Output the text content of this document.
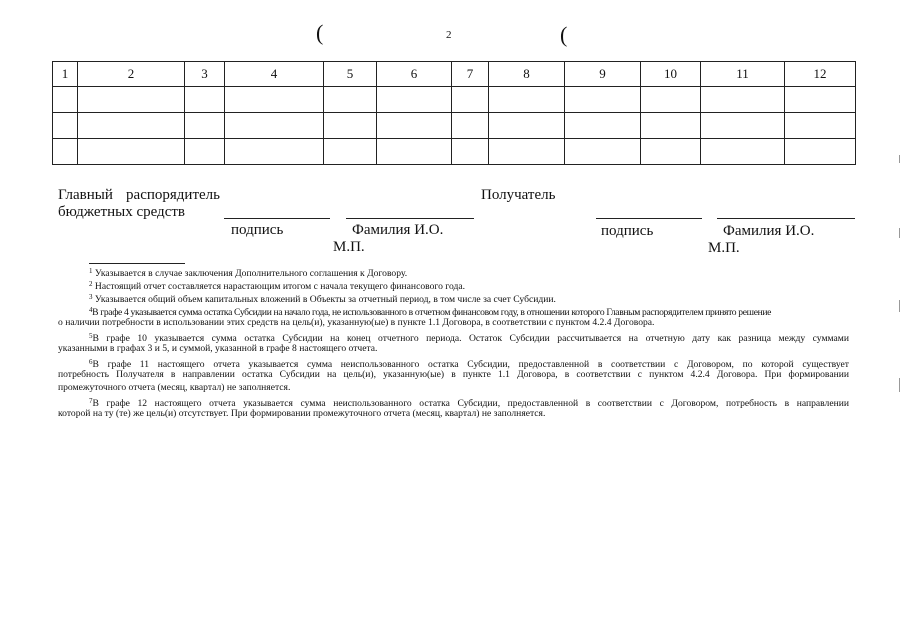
(	2	(
1	2	3	4	5	6	7	8	9	10	11	12

Главный распорядитель
бюджетных средств
Получатель
подпись	Фамилия И.О.
М.П.
подпись	Фамилия И.О.
М.П.
$^1$ Указывается в случае заключения Дополнительного соглашения к Договору.
$^2$ Настоящий отчет составляется нарастающим итогом с начала текущего финансового года.
$^3$ Указывается общий объем капитальных вложений в Объекты за отчетный период, в том числе за счет Субсидии.
$^4$В графе 4 указывается сумма остатка Субсидии на начало года, не использованного в отчетном финансовом году, в отношении которого Главным распорядителем принято решение
о наличии потребности в использовании этих средств на цель(и), указанную(ые) в пункте 1.1 Договора, в соответствии с пунктом 4.2.4 Договора.
$^5$В графе 10 указывается сумма остатка Субсидии на конец отчетного периода. Остаток Субсидии рассчитывается на отчетную дату как разница между суммами
указанными в графах 3 и 5, и суммой, указанной в графе 8 настоящего отчета.
$^6$В графе 11 настоящего отчета указывается сумма неиспользованного остатка Субсидии, предоставленной в соответствии с Договором, по которой существует
потребность Получателя в направлении остатка Субсидии на цель(и), указанную(ые) в пункте 1.1 Договора, в соответствии с пунктом 4.2.4 Договора. При формировании
промежуточного отчета (месяц, квартал) не заполняется.
$^7$В графе 12 настоящего отчета указывается сумма неиспользованного остатка Субсидии, предоставленной в соответствии с Договором, потребность в направлении
которой на ту (те) же цель(и) отсутствует. При формировании промежуточного отчета (месяц, квартал) не заполняется.
